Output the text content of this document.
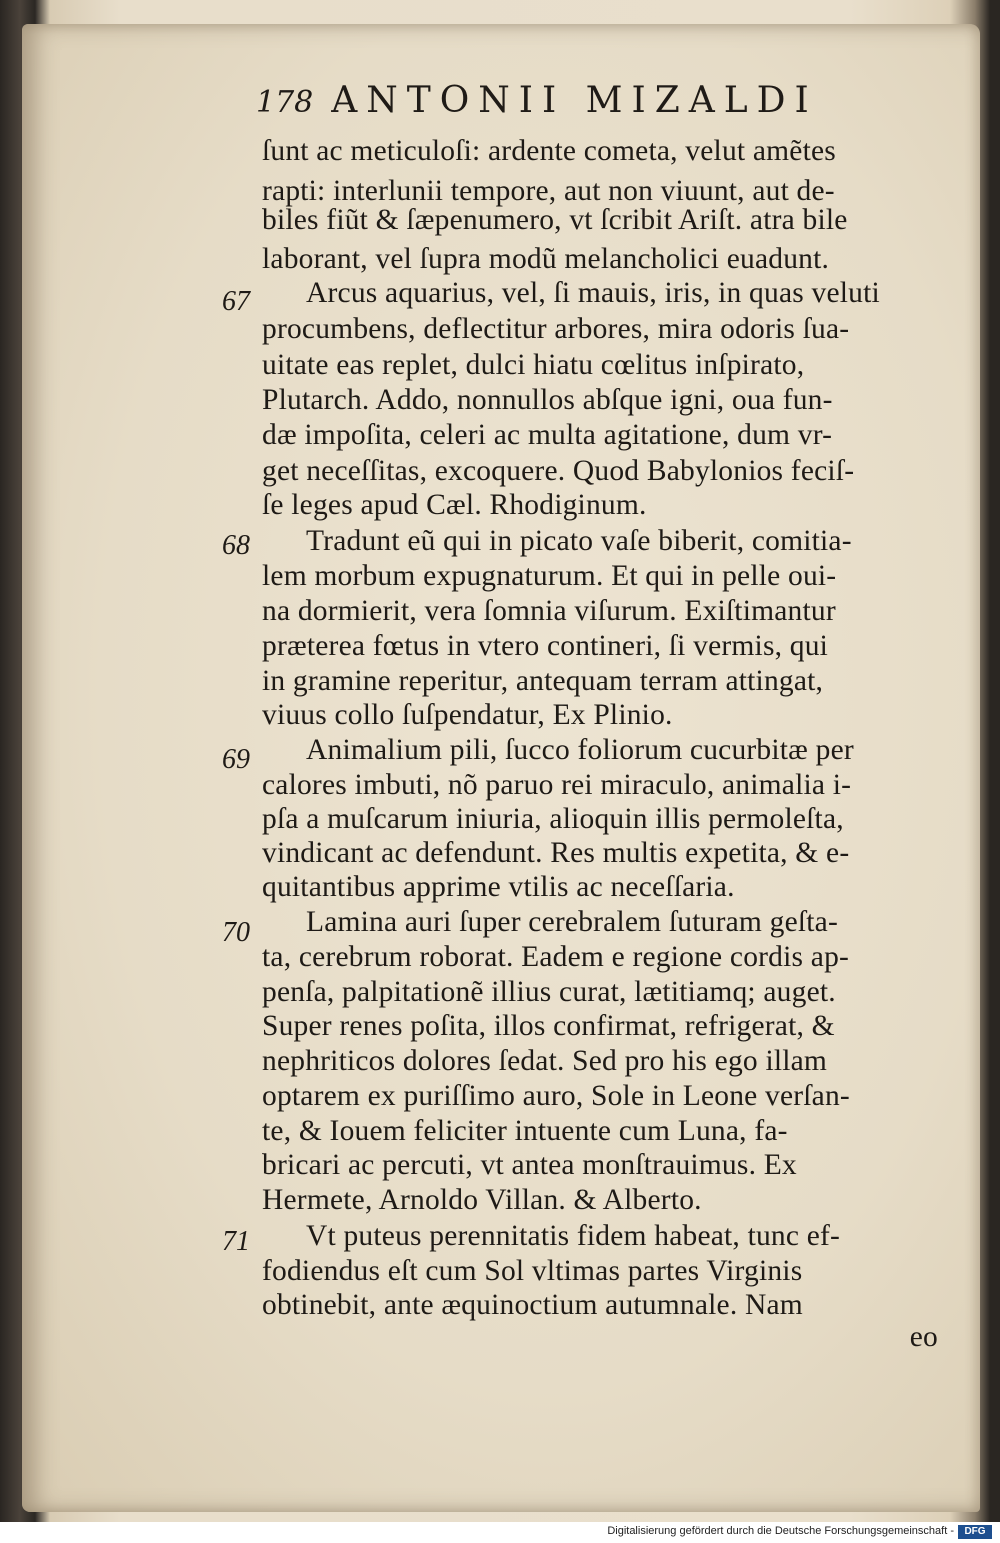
178 ANTONII MIZALDI
ſunt ac meticuloſi: ardente cometa, velut amẽtes
rapti: interlunii tempore, aut non viuunt, aut de-
biles fiũt & ſæpenumero, vt ſcribit Ariſt. atra bile
laborant, vel ſupra modũ melancholici euadunt.
67	Arcus aquarius, vel, ſi mauis, iris, in quas veluti
procumbens, deflectitur arbores, mira odoris ſua-
uitate eas replet, dulci hiatu cœlitus inſpirato,
Plutarch. Addo, nonnullos abſque igni, oua fun-
dæ impoſita, celeri ac multa agitatione, dum vr-
get neceſſitas, excoquere. Quod Babylonios feciſ-
ſe leges apud Cæl. Rhodiginum.
68	Tradunt eũ qui in picato vaſe biberit, comitia-
lem morbum expugnaturum. Et qui in pelle oui-
na dormierit, vera ſomnia viſurum. Exiſtimantur
præterea fœtus in vtero contineri, ſi vermis, qui
in gramine reperitur, antequam terram attingat,
viuus collo ſuſpendatur, Ex Plinio.
69	Animalium pili, ſucco foliorum cucurbitæ per
calores imbuti, nõ paruo rei miraculo, animalia i-
pſa a muſcarum iniuria, alioquin illis permoleſta,
vindicant ac defendunt. Res multis expetita, & e-
quitantibus apprime vtilis ac neceſſaria.
70	Lamina auri ſuper cerebralem ſuturam geſta-
ta, cerebrum roborat. Eadem e regione cordis ap-
penſa, palpitationẽ illius curat, lætitiamq; auget.
Super renes poſita, illos confirmat, refrigerat, &
nephriticos dolores ſedat. Sed pro his ego illam
optarem ex puriſſimo auro, Sole in Leone verſan-
te, & Iouem feliciter intuente cum Luna, fa-
bricari ac percuti, vt antea monſtrauimus. Ex
Hermete, Arnoldo Villan. & Alberto.
71	Vt puteus perennitatis fidem habeat, tunc ef-
fodiendus eſt cum Sol vltimas partes Virginis
obtinebit, ante æquinoctium autumnale. Nam
eo
Digitalisierung gefördert durch die Deutsche Forschungsgemeinschaft -	DFG
